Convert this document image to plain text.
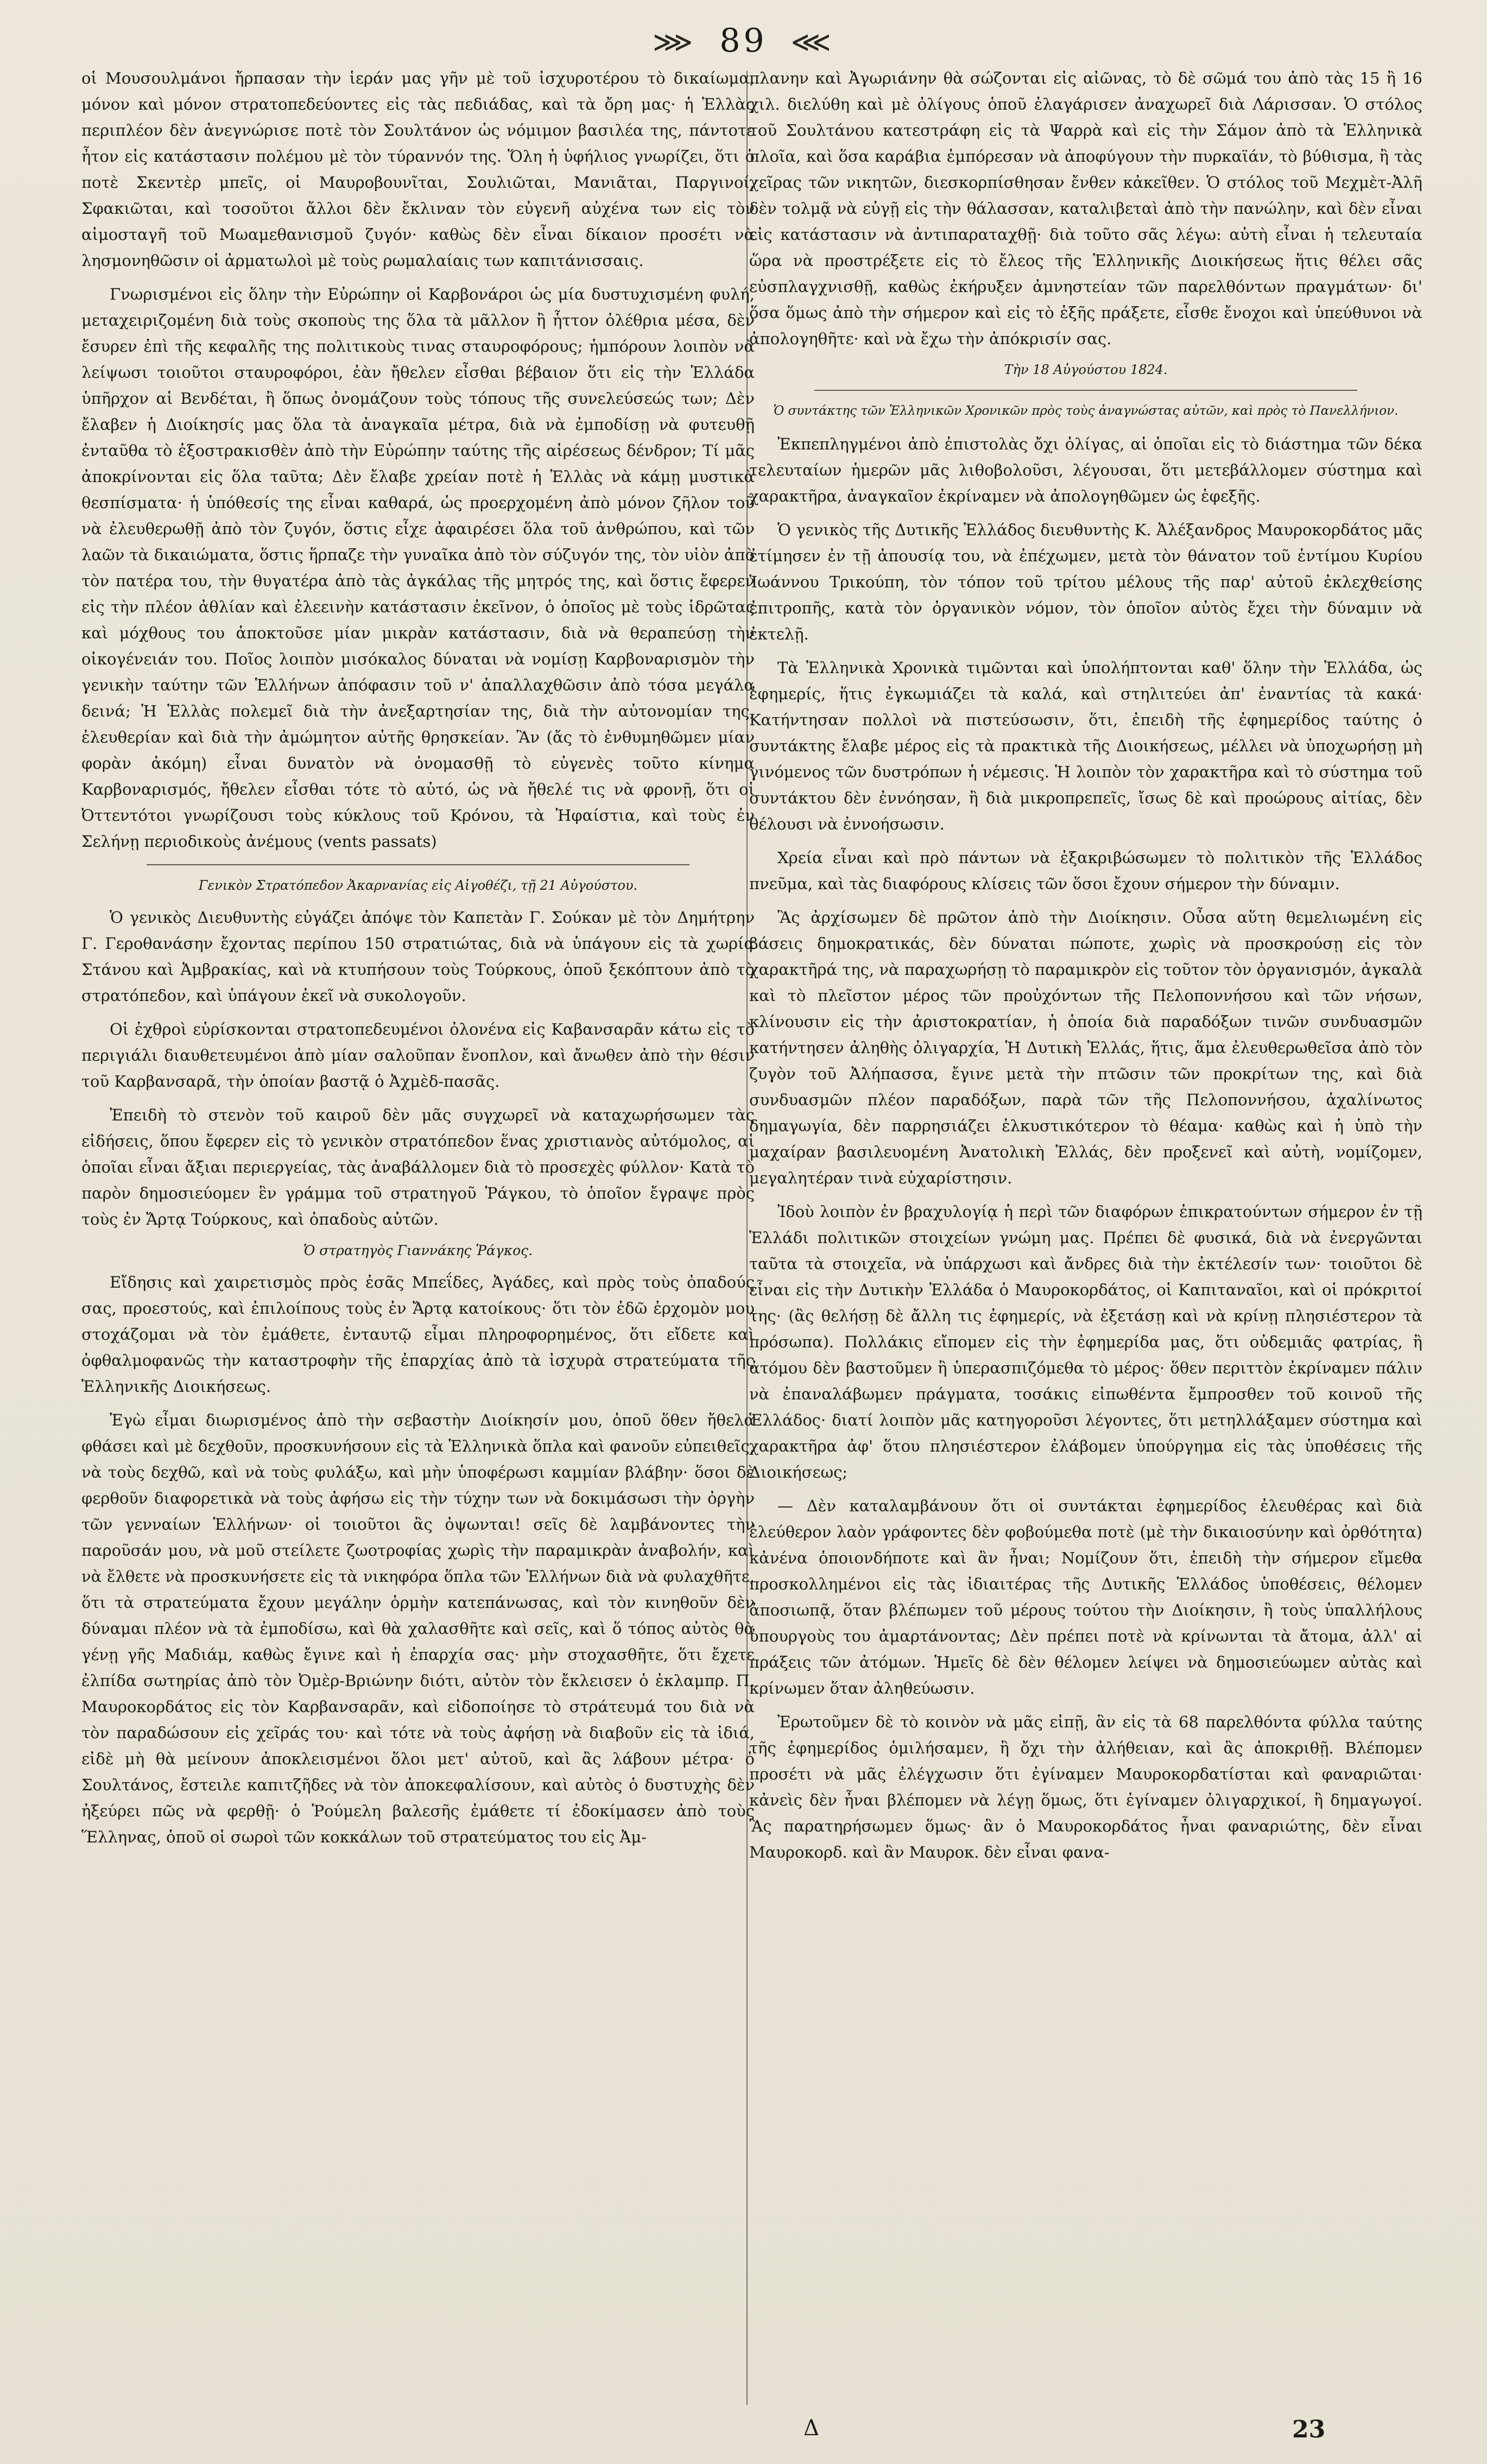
⋙ 89 ⋘

οἱ Μουσουλμάνοι ἤρπασαν τὴν ἱεράν μας γῆν μὲ τοῦ ἰσχυροτέρου τὸ δικαίωμα, μόνον καὶ μόνον στρατοπεδεύοντες εἰς τὰς πεδιάδας, καὶ τὰ ὄρη μας· ἡ Ἑλλὰς περιπλέον δὲν ἀνεγνώρισε ποτὲ τὸν Σουλτάνον ὡς νόμιμον βασιλέα της, πάντοτε ἦτον εἰς κατάστασιν πολέμου μὲ τὸν τύραννόν της. Ὅλη ἡ ὑφήλιος γνωρίζει, ὅτι ὁ ποτὲ Σκεντὲρ μπεῖς, οἱ Μαυροβουνῖται, Σουλιῶται, Μανιᾶται, Παργινοί, Σφακιῶται, καὶ τοσοῦτοι ἄλλοι δὲν ἔκλιναν τὸν εὐγενῆ αὐχένα των εἰς τὸν αἱμοσταγῆ τοῦ Μωαμεθανισμοῦ ζυγόν· καθὼς δὲν εἶναι δίκαιον προσέτι νὰ λησμονηθῶσιν οἱ ἀρματωλοὶ μὲ τοὺς ρωμαλαίαις των καπιτάνισσαις.

Γνωρισμένοι εἰς ὅλην τὴν Εὐρώπην οἱ Καρβονάροι ὡς μία δυστυχισμένη φυλή, μεταχειριζομένη διὰ τοὺς σκοποὺς της ὅλα τὰ μᾶλλον ἢ ἧττον ὀλέθρια μέσα, δὲν ἔσυρεν ἐπὶ τῆς κεφαλῆς της πολιτικοὺς τινας σταυροφόρους; ἠμπόρουν λοιπὸν νὰ λείψωσι τοιοῦτοι σταυροφόροι, ἐὰν ἤθελεν εἶσθαι βέβαιον ὅτι εἰς τὴν Ἑλλάδα ὑπῆρχον αἱ Βενδέται, ἢ ὅπως ὀνομάζουν τοὺς τόπους τῆς συνελεύσεώς των; Δὲν ἔλαβεν ἡ Διοίκησίς μας ὅλα τὰ ἀναγκαῖα μέτρα, διὰ νὰ ἐμποδίσῃ νὰ φυτευθῇ ἐνταῦθα τὸ ἐξοστρακισθὲν ἀπὸ τὴν Εὐρώπην ταύτης τῆς αἱρέσεως δένδρον; Τί μᾶς ἀποκρίνονται εἰς ὅλα ταῦτα; Δὲν ἔλαβε χρείαν ποτὲ ἡ Ἑλλὰς νὰ κάμῃ μυστικὰ θεσπίσματα· ἡ ὑπόθεσίς της εἶναι καθαρά, ὡς προερχομένη ἀπὸ μόνον ζῆλον τοῦ νὰ ἐλευθερωθῇ ἀπὸ τὸν ζυγόν, ὅστις εἶχε ἀφαιρέσει ὅλα τοῦ ἀνθρώπου, καὶ τῶν λαῶν τὰ δικαιώματα, ὅστις ἥρπαζε τὴν γυναῖκα ἀπὸ τὸν σύζυγόν της, τὸν υἱὸν ἀπὸ τὸν πατέρα του, τὴν θυγατέρα ἀπὸ τὰς ἀγκάλας τῆς μητρός της, καὶ ὅστις ἔφερεν εἰς τὴν πλέον ἀθλίαν καὶ ἐλεεινὴν κατάστασιν ἐκεῖνον, ὁ ὁποῖος μὲ τοὺς ἱδρῶτας καὶ μόχθους του ἀποκτοῦσε μίαν μικρὰν κατάστασιν, διὰ νὰ θεραπεύσῃ τὴν οἰκογένειάν του. Ποῖος λοιπὸν μισόκαλος δύναται νὰ νομίσῃ Καρβοναρισμὸν τὴν γενικὴν ταύτην τῶν Ἑλλήνων ἀπόφασιν τοῦ ν' ἀπαλλαχθῶσιν ἀπὸ τόσα μεγάλα δεινά; Ἡ Ἑλλὰς πολεμεῖ διὰ τὴν ἀνεξαρτησίαν της, διὰ τὴν αὐτονομίαν της, ἐλευθερίαν καὶ διὰ τὴν ἀμώμητον αὐτῆς θρησκείαν. Ἂν (ἄς τὸ ἐνθυμηθῶμεν μίαν φορὰν ἀκόμη) εἶναι δυνατὸν νὰ ὀνομασθῇ τὸ εὐγενὲς τοῦτο κίνημα Καρβοναρισμός, ἤθελεν εἶσθαι τότε τὸ αὐτό, ὡς νὰ ἤθελέ τις νὰ φρονῇ, ὅτι οἱ Ὀττεντότοι γνωρίζουσι τοὺς κύκλους τοῦ Κρόνου, τὰ Ἡφαίστια, καὶ τοὺς ἐν Σελήνῃ περιοδικοὺς ἀνέμους (vents passats)

Γενικὸν Στρατόπεδον Ἀκαρνανίας εἰς Αἰγοθέζι, τῇ 21 Αὐγούστου.

Ὁ γενικὸς Διευθυντὴς εὐγάζει ἀπόψε τὸν Καπετὰν Γ. Σούκαν μὲ τὸν Δημήτρην Γ. Γεροθανάσην ἔχοντας περίπου 150 στρατιώτας, διὰ νὰ ὑπάγουν εἰς τὰ χωρία Στάνου καὶ Ἀμβρακίας, καὶ νὰ κτυπήσουν τοὺς Τούρκους, ὁποῦ ξεκόπτουν ἀπὸ τὸ στρατόπεδον, καὶ ὑπάγουν ἐκεῖ νὰ συκολογοῦν.

Οἱ ἐχθροὶ εὑρίσκονται στρατοπεδευμένοι ὀλονένα εἰς Καβανσαρᾶν κάτω εἰς τὸ περιγιάλι διαυθετευμένοι ἀπὸ μίαν σαλοῦπαν ἔνοπλον, καὶ ἄνωθεν ἀπὸ τὴν θέσιν τοῦ Καρβανσαρᾶ, τὴν ὁποίαν βαστᾷ ὁ Ἀχμὲδ-πασᾶς.

Ἐπειδὴ τὸ στενὸν τοῦ καιροῦ δὲν μᾶς συγχωρεῖ νὰ καταχωρήσωμεν τὰς εἰδήσεις, ὅπου ἔφερεν εἰς τὸ γενικὸν στρατόπεδον ἕνας χριστιανὸς αὐτόμολος, αἱ ὁποῖαι εἶναι ἄξιαι περιεργείας, τὰς ἀναβάλλομεν διὰ τὸ προσεχὲς φύλλον· Κατὰ τὸ παρὸν δημοσιεύομεν ἓν γράμμα τοῦ στρατηγοῦ Ῥάγκου, τὸ ὁποῖον ἔγραψε πρὸς τοὺς ἐν Ἄρτᾳ Τούρκους, καὶ ὀπαδοὺς αὐτῶν.

Ὁ στρατηγὸς Γιαννάκης Ῥάγκος.

Εἴδησις καὶ χαιρετισμὸς πρὸς ἐσᾶς Μπεΐδες, Ἀγάδες, καὶ πρὸς τοὺς ὀπαδούς σας, προεστούς, καὶ ἐπιλοίπους τοὺς ἐν Ἄρτᾳ κατοίκους· ὅτι τὸν ἐδῶ ἐρχομὸν μου στοχάζομαι νὰ τὸν ἐμάθετε, ἐνταυτῷ εἶμαι πληροφορημένος, ὅτι εἴδετε καὶ ὀφθαλμοφανῶς τὴν καταστροφὴν τῆς ἐπαρχίας ἀπὸ τὰ ἰσχυρὰ στρατεύματα τῆς Ἑλληνικῆς Διοικήσεως.

Ἐγὼ εἶμαι διωρισμένος ἀπὸ τὴν σεβαστὴν Διοίκησίν μου, ὁποῦ ὅθεν ἤθελα φθάσει καὶ μὲ δεχθοῦν, προσκυνήσουν εἰς τὰ Ἑλληνικὰ ὅπλα καὶ φανοῦν εὐπειθεῖς, νὰ τοὺς δεχθῶ, καὶ νὰ τοὺς φυλάξω, καὶ μὴν ὑποφέρωσι καμμίαν βλάβην· ὅσοι δὲ φερθοῦν διαφορετικὰ νὰ τοὺς ἀφήσω εἰς τὴν τύχην των νὰ δοκιμάσωσι τὴν ὀργὴν τῶν γενναίων Ἑλλήνων· οἱ τοιοῦτοι ἂς ὀψωνται! σεῖς δὲ λαμβάνοντες τὴν παροῦσάν μου, νὰ μοῦ στείλετε ζωοτροφίας χωρὶς τὴν παραμικρὰν ἀναβολήν, καὶ νὰ ἔλθετε νὰ προσκυνήσετε εἰς τὰ νικηφόρα ὅπλα τῶν Ἑλλήνων διὰ νὰ φυλαχθῆτε, ὅτι τὰ στρατεύματα ἔχουν μεγάλην ὁρμὴν κατεπάνωσας, καὶ τὸν κινηθοῦν δὲν δύναμαι πλέον νὰ τὰ ἐμποδίσω, καὶ θὰ χαλασθῆτε καὶ σεῖς, καὶ ὅ τόπος αὐτὸς θὰ γένῃ γῆς Μαδιάμ, καθὼς ἔγινε καὶ ἡ ἐπαρχία σας· μὴν στοχασθῆτε, ὅτι ἔχετε ἐλπίδα σωτηρίας ἀπὸ τὸν Ὀμὲρ-Βριώνην διότι, αὐτὸν τὸν ἔκλεισεν ὁ ἐκλαμπρ. Π. Μαυροκορδάτος εἰς τὸν Καρβανσαρᾶν, καὶ εἰδοποίησε τὸ στράτευμά του διὰ νὰ τὸν παραδώσουν εἰς χεῖράς του· καὶ τότε νὰ τοὺς ἀφήσῃ νὰ διαβοῦν εἰς τὰ ἰδιά, εἰδὲ μὴ θὰ μείνουν ἀποκλεισμένοι ὅλοι μετ' αὐτοῦ, καὶ ἂς λάβουν μέτρα· ὁ Σουλτάνος, ἔστειλε καπιτζῆδες νὰ τὸν ἀποκεφαλίσουν, καὶ αὐτὸς ὁ δυστυχὴς δὲν ἠξεύρει πῶς νὰ φερθῇ· ὁ Ῥούμελη βαλεσῆς ἐμάθετε τί ἐδοκίμασεν ἀπὸ τοὺς Ἕλληνας, ὁποῦ οἱ σωροὶ τῶν κοκκάλων τοῦ στρατεύματος του εἰς Ἀμ-

πλανην καὶ Ἀγωριάνην θὰ σώζονται εἰς αἰῶνας, τὸ δὲ σῶμά του ἀπὸ τὰς 15 ἢ 16 χιλ. διελύθη καὶ μὲ ὀλίγους ὁποῦ ἐλαγάρισεν ἀναχωρεῖ διὰ Λάρισσαν. Ὁ στόλος τοῦ Σουλτάνου κατεστράφη εἰς τὰ Ψαρρὰ καὶ εἰς τὴν Σάμον ἀπὸ τὰ Ἑλληνικὰ πλοῖα, καὶ ὅσα καράβια ἐμπόρεσαν νὰ ἀποφύγουν τὴν πυρκαϊάν, τὸ βύθισμα, ἢ τὰς χεῖρας τῶν νικητῶν, διεσκορπίσθησαν ἔνθεν κἀκεῖθεν. Ὁ στόλος τοῦ Μεχμὲτ-Ἀλῆ δὲν τολμᾷ νὰ εὐγῇ εἰς τὴν θάλασσαν, καταλιβεταὶ ἀπὸ τὴν πανώλην, καὶ δὲν εἶναι εἰς κατάστασιν νὰ ἀντιπαραταχθῇ· διὰ τοῦτο σᾶς λέγω: αὐτὴ εἶναι ἡ τελευταία ὥρα νὰ προστρέξετε εἰς τὸ ἔλεος τῆς Ἑλληνικῆς Διοικήσεως ἥτις θέλει σᾶς εὐσπλαγχνισθῇ, καθὼς ἐκήρυξεν ἀμνηστείαν τῶν παρελθόντων πραγμάτων· δι' ὅσα ὅμως ἀπὸ τὴν σήμερον καὶ εἰς τὸ ἑξῆς πράξετε, εἶσθε ἔνοχοι καὶ ὑπεύθυνοι νὰ ἀπολογηθῆτε· καὶ νὰ ἔχω τὴν ἀπόκρισίν σας.

Τὴν 18 Αὐγούστου 1824.
Ὁ συντάκτης τῶν Ἑλληνικῶν Χρονικῶν πρὸς τοὺς ἀναγνώστας αὐτῶν, καὶ πρὸς τὸ Πανελλήνιον.

Ἐκπεπληγμένοι ἀπὸ ἐπιστολὰς ὄχι ὀλίγας, αἱ ὁποῖαι εἰς τὸ διάστημα τῶν δέκα τελευταίων ἡμερῶν μᾶς λιθοβολοῦσι, λέγουσαι, ὅτι μετεβάλλομεν σύστημα καὶ χαρακτῆρα, ἀναγκαῖον ἐκρίναμεν νὰ ἀπολογηθῶμεν ὡς ἑφεξῆς.

Ὁ γενικὸς τῆς Δυτικῆς Ἑλλάδος διευθυντὴς Κ. Ἀλέξανδρος Μαυροκορδάτος μᾶς ἐτίμησεν ἐν τῇ ἀπουσίᾳ του, νὰ ἐπέχωμεν, μετὰ τὸν θάνατον τοῦ ἐντίμου Κυρίου Ἰωάννου Τρικούπη, τὸν τόπον τοῦ τρίτου μέλους τῆς παρ' αὐτοῦ ἐκλεχθείσης ἐπιτροπῆς, κατὰ τὸν ὀργανικὸν νόμον, τὸν ὁποῖον αὐτὸς ἔχει τὴν δύναμιν νὰ ἐκτελῇ.

Τὰ Ἑλληνικὰ Χρονικὰ τιμῶνται καὶ ὑπολήπτονται καθ' ὅλην τὴν Ἑλλάδα, ὡς ἐφημερίς, ἥτις ἐγκωμιάζει τὰ καλά, καὶ στηλιτεύει ἀπ' ἐναντίας τὰ κακά· Κατήντησαν πολλοὶ νὰ πιστεύσωσιν, ὅτι, ἐπειδὴ τῆς ἐφημερίδος ταύτης ὁ συντάκτης ἔλαβε μέρος εἰς τὰ πρακτικὰ τῆς Διοικήσεως, μέλλει νὰ ὑποχωρήσῃ μὴ γινόμενος τῶν δυστρόπων ἡ νέμεσις. Ἡ λοιπὸν τὸν χαρακτῆρα καὶ τὸ σύστημα τοῦ συντάκτου δὲν ἐννόησαν, ἢ διὰ μικροπρεπεῖς, ἴσως δὲ καὶ προώρους αἰτίας, δὲν θέλουσι νὰ ἐννοήσωσιν.

Χρεία εἶναι καὶ πρὸ πάντων νὰ ἐξακριβώσωμεν τὸ πολιτικὸν τῆς Ἑλλάδος πνεῦμα, καὶ τὰς διαφόρους κλίσεις τῶν ὅσοι ἔχουν σήμερον τὴν δύναμιν.

Ἂς ἀρχίσωμεν δὲ πρῶτον ἀπὸ τὴν Διοίκησιν. Οὖσα αὕτη θεμελιωμένη εἰς βάσεις δημοκρατικάς, δὲν δύναται πώποτε, χωρὶς νὰ προσκρούσῃ εἰς τὸν χαρακτῆρά της, νὰ παραχωρήσῃ τὸ παραμικρὸν εἰς τοῦτον τὸν ὀργανισμόν, ἀγκαλὰ καὶ τὸ πλεῖστον μέρος τῶν προὐχόντων τῆς Πελοποννήσου καὶ τῶν νήσων, κλίνουσιν εἰς τὴν ἀριστοκρατίαν, ἡ ὁποία διὰ παραδόξων τινῶν συνδυασμῶν κατήντησεν ἀληθὴς ὀλιγαρχία, Ἡ Δυτικὴ Ἑλλάς, ἥτις, ἅμα ἐλευθερωθεῖσα ἀπὸ τὸν ζυγὸν τοῦ Ἀλήπασσα, ἔγινε μετὰ τὴν πτῶσιν τῶν προκρίτων της, καὶ διὰ συνδυασμῶν πλέον παραδόξων, παρὰ τῶν τῆς Πελοποννήσου, ἀχαλίνωτος δημαγωγία, δὲν παρρησιάζει ἑλκυστικότερον τὸ θέαμα· καθὼς καὶ ἡ ὑπὸ τὴν μαχαίραν βασιλευομένη Ἀνατολικὴ Ἑλλάς, δὲν προξενεῖ καὶ αὐτὴ, νομίζομεν, μεγαλητέραν τινὰ εὐχαρίστησιν.

Ἰδοὺ λοιπὸν ἐν βραχυλογίᾳ ἡ περὶ τῶν διαφόρων ἐπικρατούντων σήμερον ἐν τῇ Ἑλλάδι πολιτικῶν στοιχείων γνώμη μας. Πρέπει δὲ φυσικά, διὰ νὰ ἐνεργῶνται ταῦτα τὰ στοιχεῖα, νὰ ὑπάρχωσι καὶ ἄνδρες διὰ τὴν ἐκτέλεσίν των· τοιοῦτοι δὲ εἶναι εἰς τὴν Δυτικὴν Ἑλλάδα ὁ Μαυροκορδάτος, οἱ Καπιταναῖοι, καὶ οἱ πρόκριτοί της· (ἂς θελήσῃ δὲ ἄλλη τις ἐφημερίς, νὰ ἐξετάσῃ καὶ νὰ κρίνῃ πλησιέστερον τὰ πρόσωπα). Πολλάκις εἴπομεν εἰς τὴν ἐφημερίδα μας, ὅτι οὐδεμιᾶς φατρίας, ἢ ἀτόμου δὲν βαστοῦμεν ἢ ὑπερασπιζόμεθα τὸ μέρος· ὅθεν περιττὸν ἐκρίναμεν πάλιν νὰ ἐπαναλάβωμεν πράγματα, τοσάκις εἰπωθέντα ἔμπροσθεν τοῦ κοινοῦ τῆς Ἑλλάδος· διατί λοιπὸν μᾶς κατηγοροῦσι λέγοντες, ὅτι μετηλλάξαμεν σύστημα καὶ χαρακτῆρα ἀφ' ὅτου πλησιέστερον ἐλάβομεν ὑπούργημα εἰς τὰς ὑποθέσεις τῆς Διοικήσεως;

— Δὲν καταλαμβάνουν ὅτι οἱ συντάκται ἐφημερίδος ἐλευθέρας καὶ διὰ ἐλεύθερον λαὸν γράφοντες δὲν φοβούμεθα ποτὲ (μὲ τὴν δικαιοσύνην καὶ ὀρθότητα) κἀνένα ὁποιονδήποτε καὶ ἂν ἦναι; Νομίζουν ὅτι, ἐπειδὴ τὴν σήμερον εἴμεθα προσκολλημένοι εἰς τὰς ἰδιαιτέρας τῆς Δυτικῆς Ἑλλάδος ὑποθέσεις, θέλομεν ἀποσιωπᾷ, ὅταν βλέπωμεν τοῦ μέρους τούτου τὴν Διοίκησιν, ἢ τοὺς ὑπαλλήλους ὑπουργοὺς του ἁμαρτάνοντας; Δὲν πρέπει ποτὲ νὰ κρίνωνται τὰ ἄτομα, ἀλλ' αἱ πράξεις τῶν ἀτόμων. Ἡμεῖς δὲ δὲν θέλομεν λείψει νὰ δημοσιεύωμεν αὐτὰς καὶ κρίνωμεν ὅταν ἀληθεύωσιν.

Ἐρωτοῦμεν δὲ τὸ κοινὸν νὰ μᾶς εἰπῇ, ἂν εἰς τὰ 68 παρελθόντα φύλλα ταύτης τῆς ἐφημερίδος ὁμιλήσαμεν, ἢ ὄχι τὴν ἀλήθειαν, καὶ ἂς ἀποκριθῇ. Βλέπομεν προσέτι νὰ μᾶς ἐλέγχωσιν ὅτι ἐγίναμεν Μαυροκορδατίσται καὶ φαναριῶται· κἀνεὶς δὲν ἦναι βλέπομεν νὰ λέγῃ ὅμως, ὅτι ἐγίναμεν ὀλιγαρχικοί, ἢ δημαγωγοί. Ἂς παρατηρήσωμεν ὅμως· ἂν ὁ Μαυροκορδάτος ἦναι φαναριώτης, δὲν εἶναι Μαυροκορδ. καὶ ἂν Μαυροκ. δὲν εἶναι φανα-

Δ	23
